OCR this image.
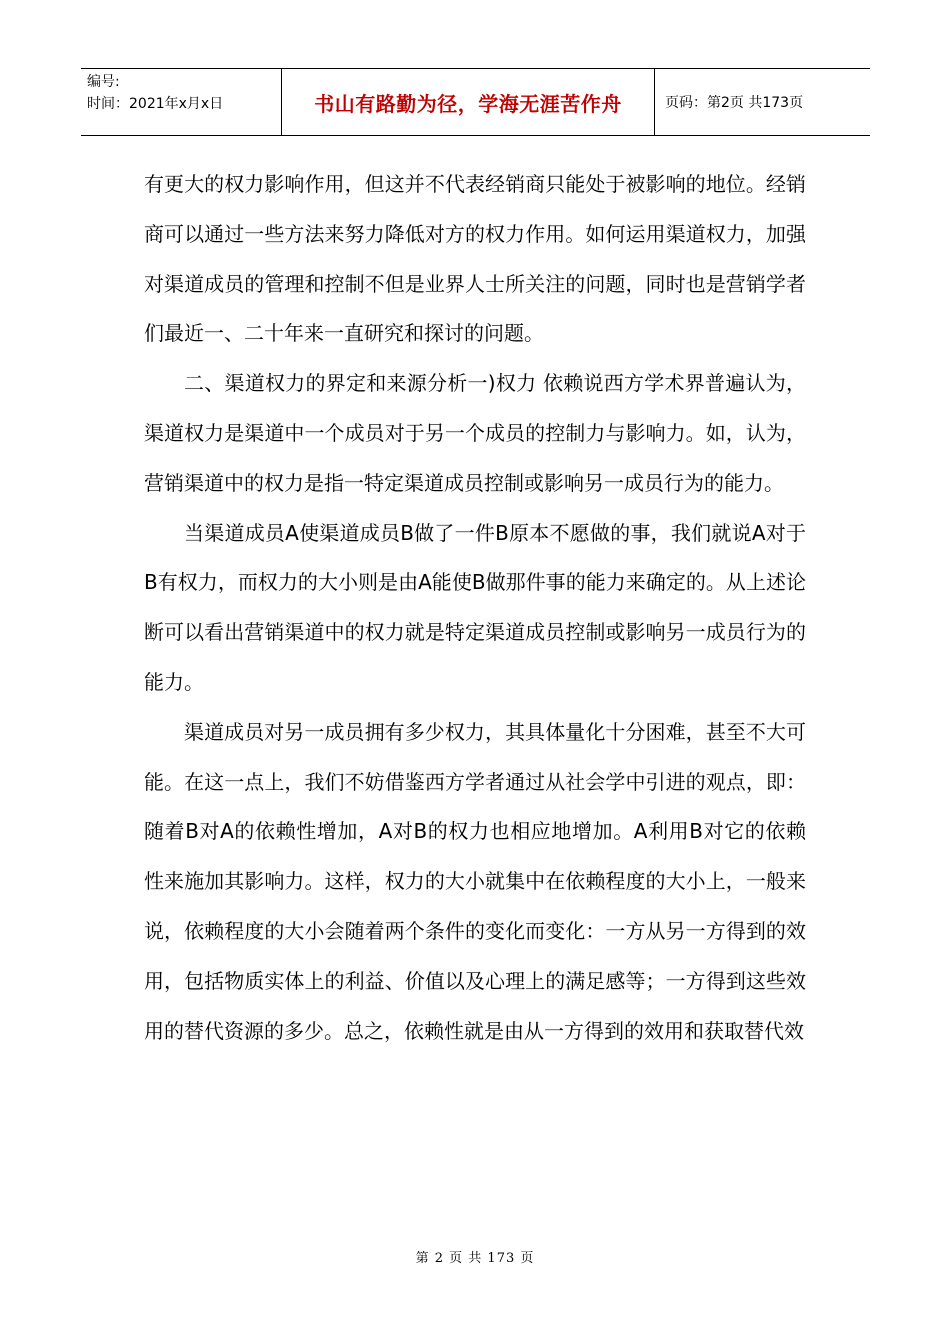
编号:
时间：2021年x月x日	书山有路勤为径，学海无涯苦作舟	页码：第2页 共173页

有更大的权力影响作用，但这并不代表经销商只能处于被影响的地位。经销商可以通过一些方法来努力降低对方的权力作用。如何运用渠道权力，加强对渠道成员的管理和控制不但是业界人士所关注的问题，同时也是营销学者们最近一、二十年来一直研究和探讨的问题。

二、渠道权力的界定和来源分析一)权力 依赖说西方学术界普遍认为，渠道权力是渠道中一个成员对于另一个成员的控制力与影响力。如，认为，营销渠道中的权力是指一特定渠道成员控制或影响另一成员行为的能力。

当渠道成员A使渠道成员B做了一件B原本不愿做的事，我们就说A对于B有权力，而权力的大小则是由A能使B做那件事的能力来确定的。从上述论断可以看出营销渠道中的权力就是特定渠道成员控制或影响另一成员行为的能力。

渠道成员对另一成员拥有多少权力，其具体量化十分困难，甚至不大可能。在这一点上，我们不妨借鉴西方学者通过从社会学中引进的观点，即：随着B对A的依赖性增加，A对B的权力也相应地增加。A利用B对它的依赖性来施加其影响力。这样，权力的大小就集中在依赖程度的大小上，一般来说，依赖程度的大小会随着两个条件的变化而变化：一方从另一方得到的效用，包括物质实体上的利益、价值以及心理上的满足感等；一方得到这些效用的替代资源的多少。总之，依赖性就是由从一方得到的效用和获取替代效

第 2 页 共 173 页
